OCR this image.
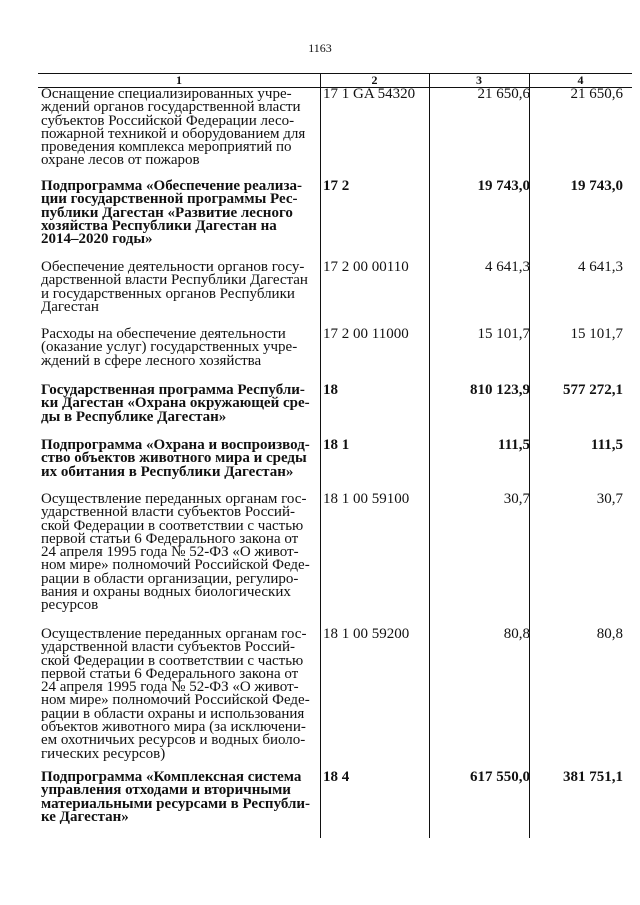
1163
1	2	3	4
Оснащение специализированных учре-
ждений органов государственной власти
субъектов Российской Федерации лесо-
пожарной техникой и оборудованием для
проведения комплекса мероприятий по
охране лесов от пожаров
17 1 GA 54320	21 650,6	21 650,6
Подпрограмма «Обеспечение реализа-
ции государственной программы Рес-
публики Дагестан «Развитие лесного
хозяйства Республики Дагестан на
2014–2020 годы»
17 2	19 743,0	19 743,0
Обеспечение деятельности органов госу-
дарственной власти Республики Дагестан
и государственных органов Республики
Дагестан
17 2 00 00110	4 641,3	4 641,3
Расходы на обеспечение деятельности
(оказание услуг) государственных учре-
ждений в сфере лесного хозяйства
17 2 00 11000	15 101,7	15 101,7
Государственная программа Республи-
ки Дагестан «Охрана окружающей сре-
ды в Республике Дагестан»
18	810 123,9	577 272,1
Подпрограмма «Охрана и воспроизвод-
ство объектов животного мира и среды
их обитания в Республики Дагестан»
18 1	111,5	111,5
Осуществление переданных органам гос-
ударственной власти субъектов Россий-
ской Федерации в соответствии с частью
первой статьи 6 Федерального закона от
24 апреля 1995 года № 52-ФЗ «О живот-
ном мире» полномочий Российской Феде-
рации в области организации, регулиро-
вания и охраны водных биологических
ресурсов
18 1 00 59100	30,7	30,7
Осуществление переданных органам гос-
ударственной власти субъектов Россий-
ской Федерации в соответствии с частью
первой статьи 6 Федерального закона от
24 апреля 1995 года № 52-ФЗ «О живот-
ном мире» полномочий Российской Феде-
рации в области охраны и использования
объектов животного мира (за исключени-
ем охотничьих ресурсов и водных биоло-
гических ресурсов)
18 1 00 59200	80,8	80,8
Подпрограмма «Комплексная система
управления отходами и вторичными
материальными ресурсами в Республи-
ке Дагестан»
18 4	617 550,0	381 751,1
